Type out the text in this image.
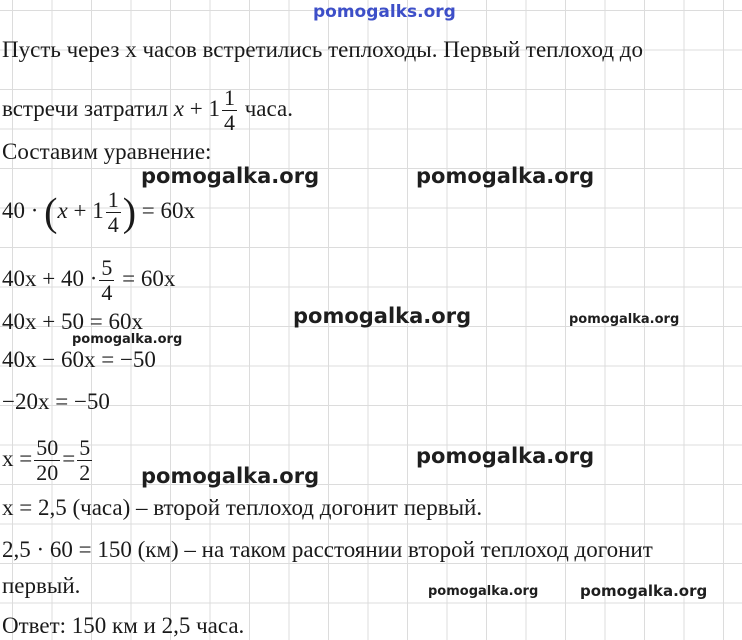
pomogalks.org
Пусть через x часов встретились теплоходы. Первый теплоход до
встречи затратил $x + 1 \frac{1}{4}$ часа.
Составим уравнение:
$40 \cdot (x + 1 \frac{1}{4}$ ) = 60x
$40x + 40 \cdot \frac{5}{4} = 60x$
40x + 50 = 60x
40x − 60x = −50
−20x = −50
$x = \frac{50}{20} = \frac{5}{2}$
x = 2,5 (часа) – второй теплоход догонит первый.
2,5 · 60 = 150 (км) – на таком расстоянии второй теплоход догонит
первый.
Ответ: 150 км и 2,5 часа.
pomogalka.org	pomogalka.org
pomogalka.org	pomogalka.org
pomogalka.org
pomogalka.org
pomogalka.org
pomogalka.org	pomogalka.org
